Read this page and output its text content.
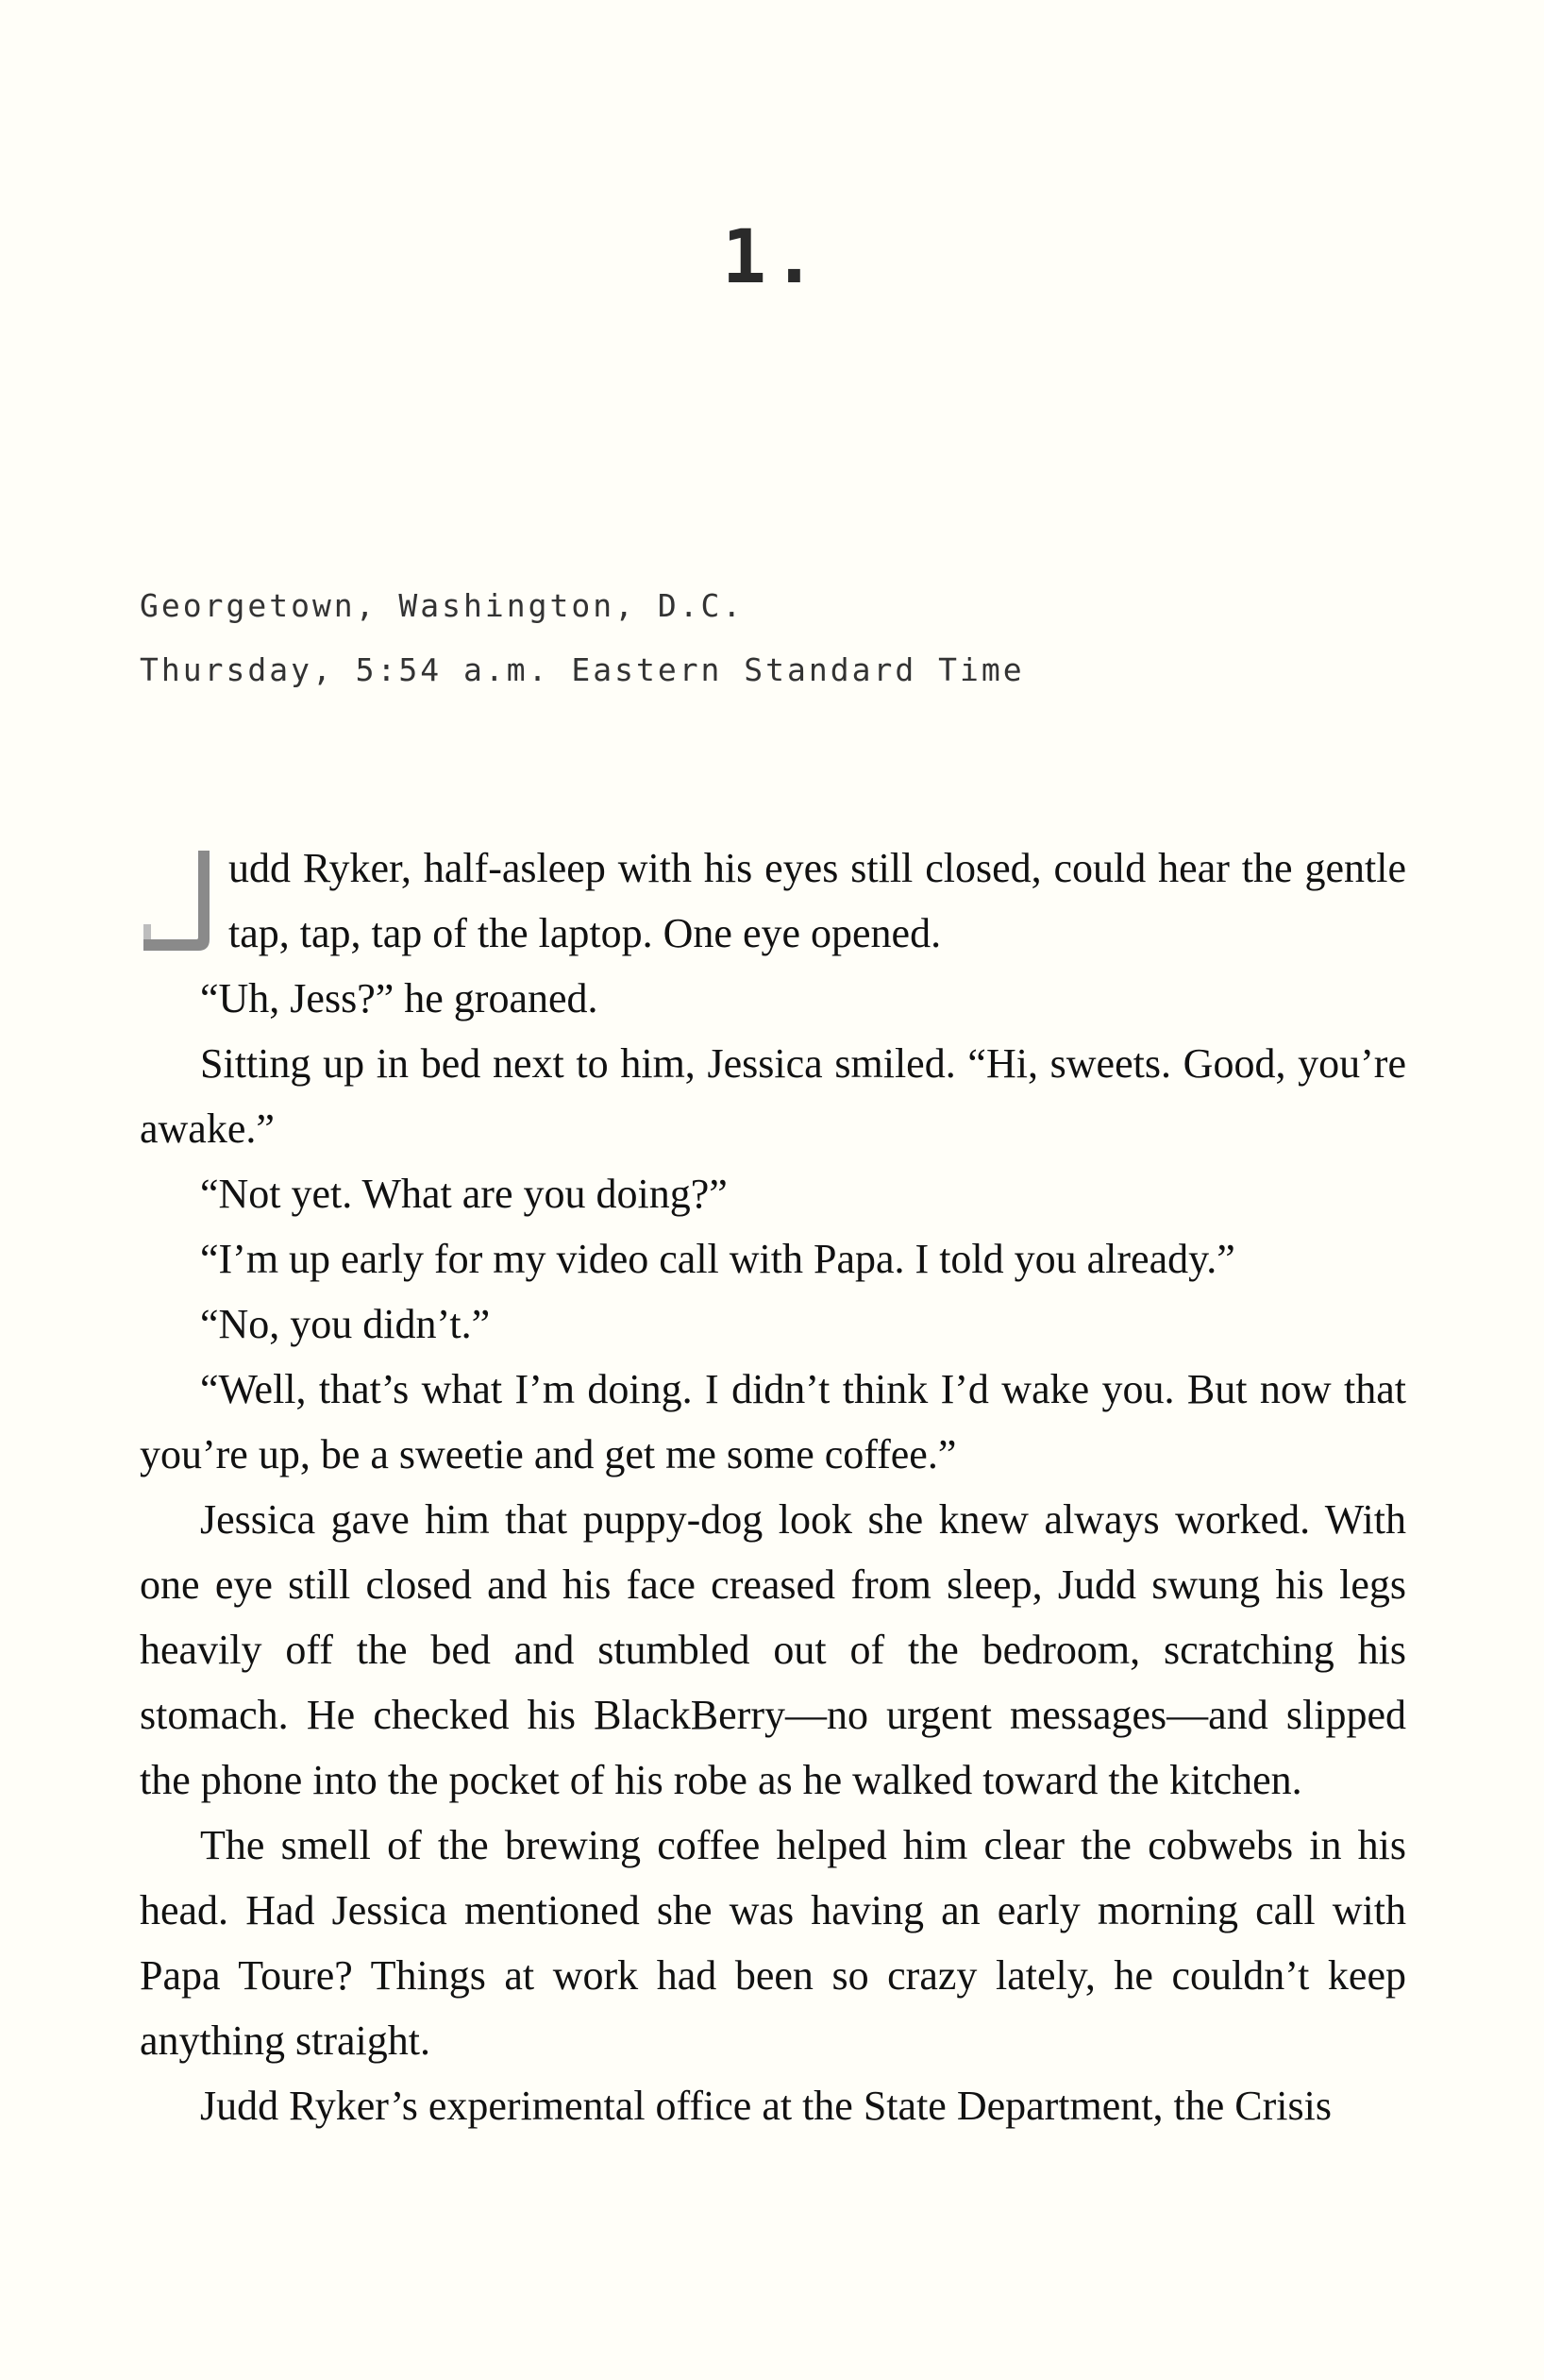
1.
Georgetown, Washington, D.C.
Thursday, 5:54 a.m. Eastern Standard Time

udd Ryker, half-asleep with his eyes still closed, could hear the gentle tap, tap, tap of the laptop. One eye opened.

“Uh, Jess?” he groaned.

Sitting up in bed next to him, Jessica smiled. “Hi, sweets. Good, you’re awake.”

“Not yet. What are you doing?”

“I’m up early for my video call with Papa. I told you already.”

“No, you didn’t.”

“Well, that’s what I’m doing. I didn’t think I’d wake you. But now that you’re up, be a sweetie and get me some coffee.”

Jessica gave him that puppy-dog look she knew always worked. With one eye still closed and his face creased from sleep, Judd swung his legs heavily off the bed and stumbled out of the bedroom, scratching his stomach. He checked his BlackBerry—no urgent messages—and slipped the phone into the pocket of his robe as he walked toward the kitchen.

The smell of the brewing coffee helped him clear the cobwebs in his head. Had Jessica mentioned she was having an early morning call with Papa Toure? Things at work had been so crazy lately, he couldn’t keep anything straight.

Judd Ryker’s experimental office at the State Department, the Crisis
